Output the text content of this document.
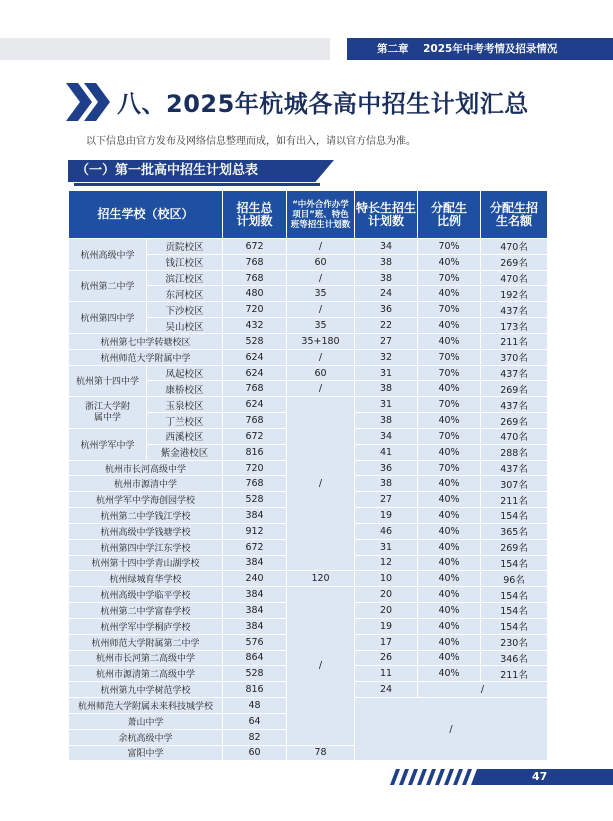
第二章    2025年中考考情及招录情况
八、2025年杭城各高中招生计划汇总
以下信息由官方发布及网络信息整理而成，如有出入，请以官方信息为准。
（一）第一批高中招生计划总表
招生学校（校区）		招生总计划数	“中外合作办学项目”班、特色班等招生计划数	特长生招生计划数	分配生比例	分配生招生名额
杭州高级中学	贡院校区	672	/	34	70%	470名
	钱江校区	768	60	38	40%	269名
杭州第二中学	滨江校区	768	/	38	70%	470名
	东河校区	480	35	24	40%	192名
杭州第四中学	下沙校区	720	/	36	70%	437名
	吴山校区	432	35	22	40%	173名
杭州第七中学转塘校区		528	35+180	27	40%	211名
杭州师范大学附属中学		624	/	32	70%	370名
杭州第十四中学	凤起校区	624	60	31	70%	437名
	康桥校区	768	/	38	40%	269名
浙江大学附属中学	玉泉校区	624	/	31	70%	437名
	丁兰校区	768		38	40%	269名
杭州学军中学	西溪校区	672		34	70%	470名
	紫金港校区	816		41	40%	288名
杭州市长河高级中学		720		36	70%	437名
杭州市源清中学		768		38	40%	307名
杭州学军中学海创园学校		528		27	40%	211名
杭州第二中学钱江学校		384		19	40%	154名
杭州高级中学钱塘学校		912		46	40%	365名
杭州第四中学江东学校		672		31	40%	269名
杭州第十四中学青山湖学校		384		12	40%	154名
杭州绿城育华学校		240	120	10	40%	96名
杭州高级中学临平学校		384	/	20	40%	154名
杭州第二中学富春学校		384		20	40%	154名
杭州学军中学桐庐学校		384		19	40%	154名
杭州师范大学附属第二中学		576		17	40%	230名
杭州市长河第二高级中学		864		26	40%	346名
杭州市源清第二高级中学		528		11	40%	211名
杭州第九中学树范学校		816		24	/	
杭州师范大学附属未来科技城学校		48		/		
萧山中学		64				
余杭高级中学		82				
富阳中学		60	78			
47
